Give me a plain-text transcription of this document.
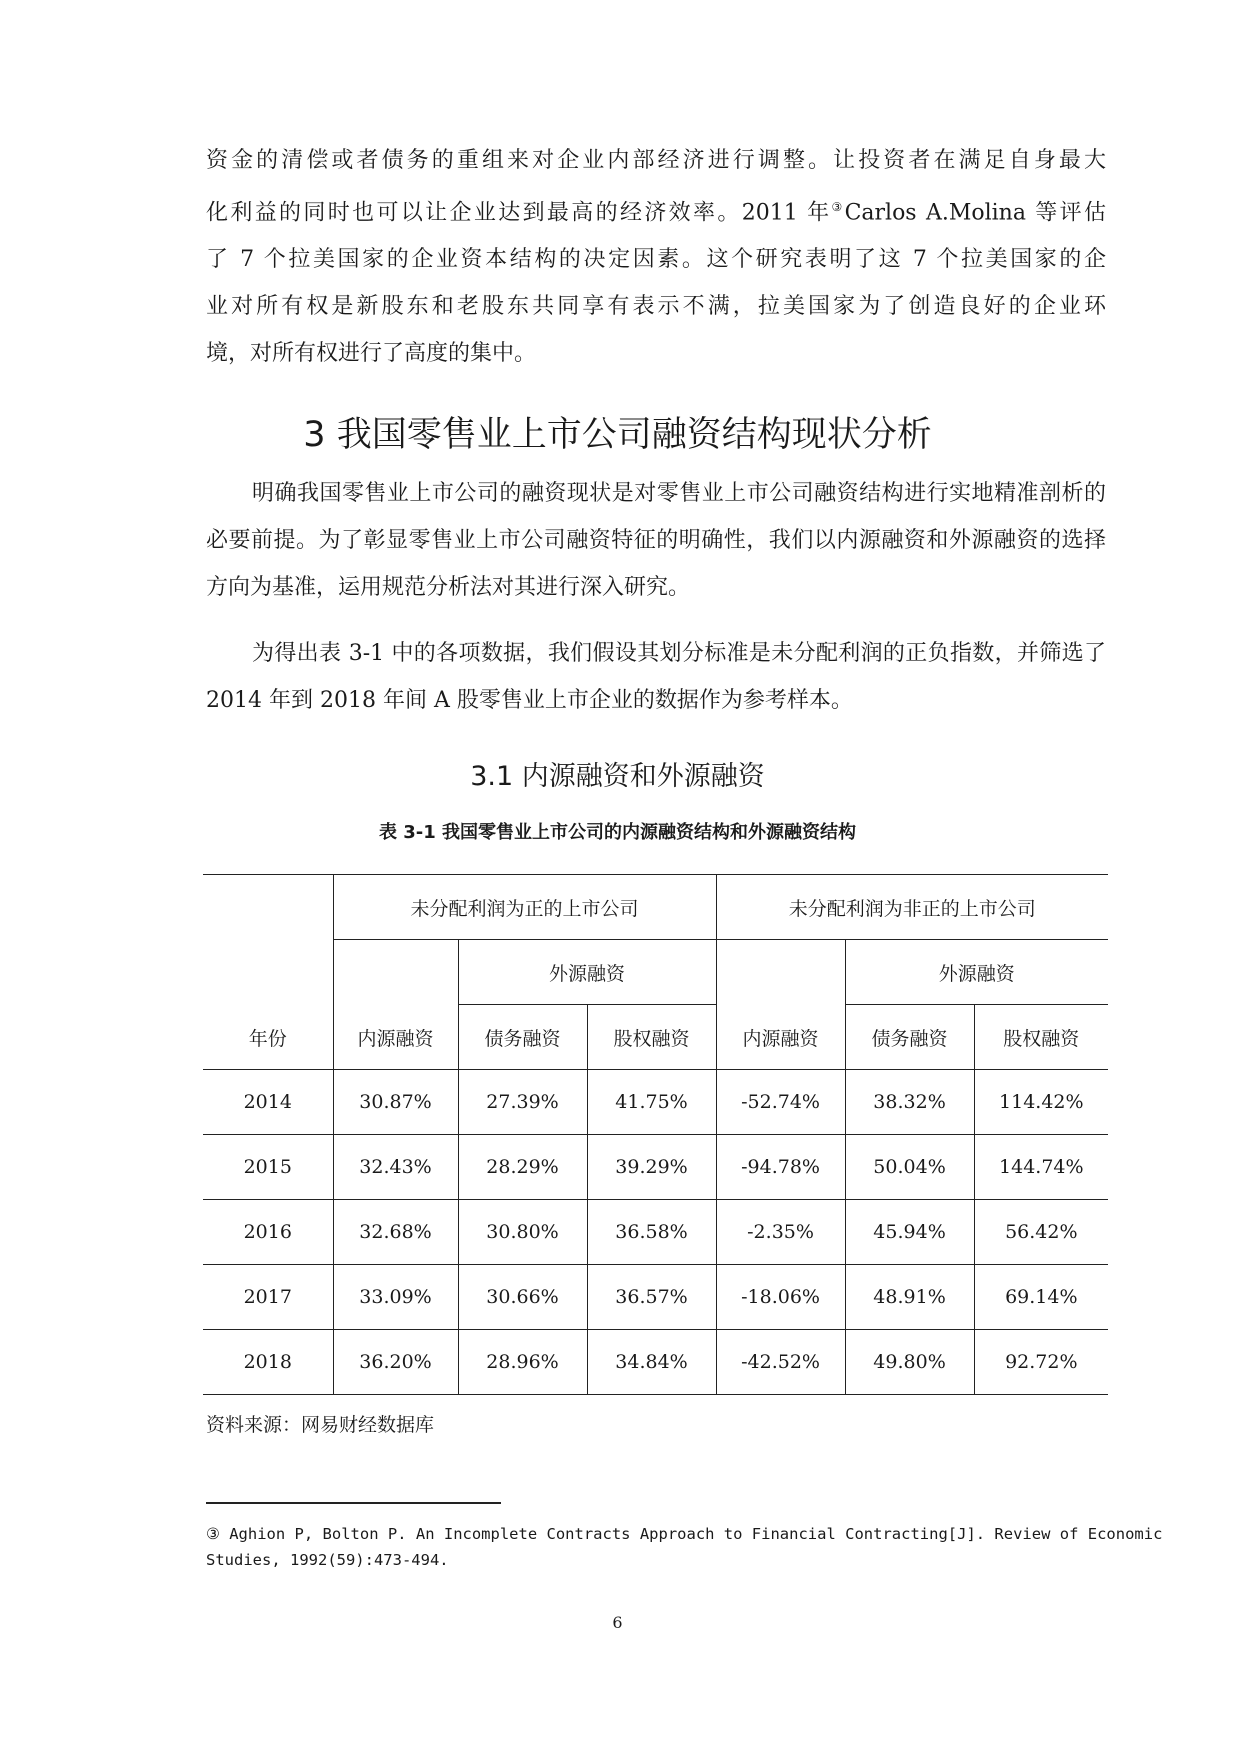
资金的清偿或者债务的重组来对企业内部经济进行调整。让投资者在满足自身最大

化利益的同时也可以让企业达到最高的经济效率。2011 年③Carlos A.Molina 等评估

了 7 个拉美国家的企业资本结构的决定因素。这个研究表明了这 7 个拉美国家的企

业对所有权是新股东和老股东共同享有表示不满，拉美国家为了创造良好的企业环

境，对所有权进行了高度的集中。

3 我国零售业上市公司融资结构现状分析

明确我国零售业上市公司的融资现状是对零售业上市公司融资结构进行实地精准剖析的必要前提。为了彰显零售业上市公司融资特征的明确性，我们以内源融资和外源融资的选择方向为基准，运用规范分析法对其进行深入研究。

为得出表 3-1 中的各项数据，我们假设其划分标准是未分配利润的正负指数，并筛选了 2014 年到 2018 年间 A 股零售业上市企业的数据作为参考样本。

3.1 内源融资和外源融资

表 3-1 我国零售业上市公司的内源融资结构和外源融资结构

年份	未分配利润为正的上市公司			未分配利润为非正的上市公司		
	内源融资	外源融资		内源融资	外源融资	
		债务融资	股权融资		债务融资	股权融资
2014	30.87%	27.39%	41.75%	-52.74%	38.32%	114.42%
2015	32.43%	28.29%	39.29%	-94.78%	50.04%	144.74%
2016	32.68%	30.80%	36.58%	-2.35%	45.94%	56.42%
2017	33.09%	30.66%	36.57%	-18.06%	48.91%	69.14%
2018	36.20%	28.96%	34.84%	-42.52%	49.80%	92.72%

资料来源：网易财经数据库

③ Aghion P, Bolton P. An Incomplete Contracts Approach to Financial Contracting[J]. Review of Economic Studies, 1992(59):473-494.

6
